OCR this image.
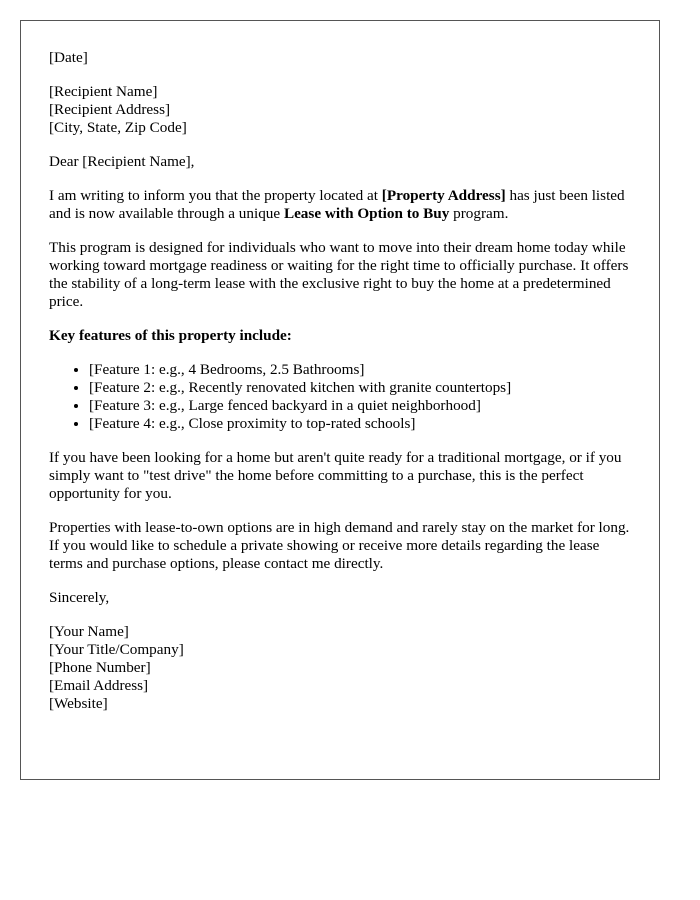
[Date]
[Recipient Name]
[Recipient Address]
[City, State, Zip Code]
Dear [Recipient Name],

I am writing to inform you that the property located at [Property Address] has just been listed and is now available through a unique Lease with Option to Buy program.

This program is designed for individuals who want to move into their dream home today while working toward mortgage readiness or waiting for the right time to officially purchase. It offers the stability of a long-term lease with the exclusive right to buy the home at a predetermined price.

Key features of this property include:

• [Feature 1: e.g., 4 Bedrooms, 2.5 Bathrooms]
• [Feature 2: e.g., Recently renovated kitchen with granite countertops]
• [Feature 3: e.g., Large fenced backyard in a quiet neighborhood]
• [Feature 4: e.g., Close proximity to top-rated schools]

If you have been looking for a home but aren't quite ready for a traditional mortgage, or if you simply want to "test drive" the home before committing to a purchase, this is the perfect opportunity for you.

Properties with lease-to-own options are in high demand and rarely stay on the market for long. If you would like to schedule a private showing or receive more details regarding the lease terms and purchase options, please contact me directly.

Sincerely,
[Your Name]
[Your Title/Company]
[Phone Number]
[Email Address]
[Website]
